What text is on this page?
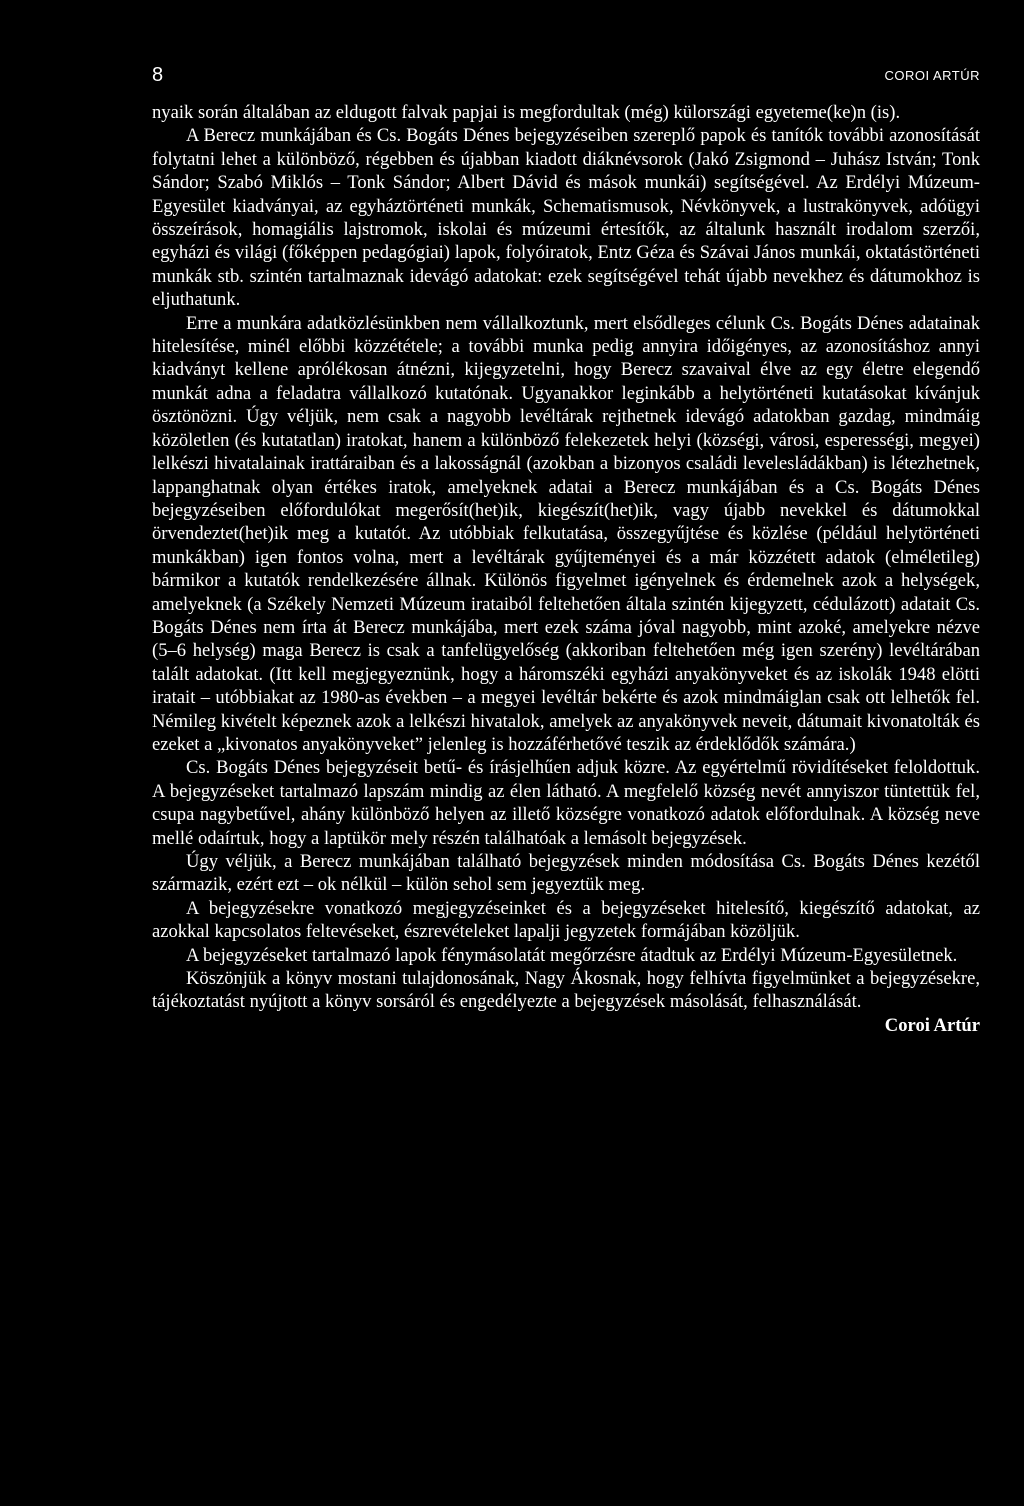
8	COROI ARTÚR

nyaik során általában az eldugott falvak papjai is megfordultak (még) külországi egyeteme(ke)n (is).

A Berecz munkájában és Cs. Bogáts Dénes bejegyzéseiben szereplő papok és tanítók további azonosítását folytatni lehet a különböző, régebben és újabban kiadott diáknévsorok (Jakó Zsigmond – Juhász István; Tonk Sándor; Szabó Miklós – Tonk Sándor; Albert Dávid és mások munkái) segítségével. Az Erdélyi Múzeum-Egyesület kiadványai, az egyháztörténeti munkák, Schematismusok, Névkönyvek, a lustrakönyvek, adóügyi összeírások, homagiális lajstromok, iskolai és múzeumi értesítők, az általunk használt irodalom szerzői, egyházi és világi (főképpen pedagógiai) lapok, folyóiratok, Entz Géza és Szávai János munkái, oktatástörténeti munkák stb. szintén tartalmaznak idevágó adatokat: ezek segítségével tehát újabb nevekhez és dátumokhoz is eljuthatunk.

Erre a munkára adatközlésünkben nem vállalkoztunk, mert elsődleges célunk Cs. Bogáts Dénes adatainak hitelesítése, minél előbbi közzététele; a további munka pedig annyira időigényes, az azonosításhoz annyi kiadványt kellene aprólékosan átnézni, kijegyzetelni, hogy Berecz szavaival élve az egy életre elegendő munkát adna a feladatra vállalkozó kutatónak. Ugyanakkor leginkább a helytörténeti kutatásokat kívánjuk ösztönözni. Úgy véljük, nem csak a nagyobb levéltárak rejthetnek idevágó adatokban gazdag, mindmáig közöletlen (és kutatatlan) iratokat, hanem a különböző felekezetek helyi (községi, városi, esperességi, megyei) lelkészi hivatalainak irattáraiban és a lakosságnál (azokban a bizonyos családi levelesládákban) is létezhetnek, lappanghatnak olyan értékes iratok, amelyeknek adatai a Berecz munkájában és a Cs. Bogáts Dénes bejegyzéseiben előfordulókat megerősít(het)ik, kiegészít(het)ik, vagy újabb nevekkel és dátumokkal örvendeztet(het)ik meg a kutatót. Az utóbbiak felkutatása, összegyűjtése és közlése (például helytörténeti munkákban) igen fontos volna, mert a levéltárak gyűjteményei és a már közzétett adatok (elméletileg) bármikor a kutatók rendelkezésére állnak. Különös figyelmet igényelnek és érdemelnek azok a helységek, amelyeknek (a Székely Nemzeti Múzeum irataiból feltehetően általa szintén kijegyzett, cédulázott) adatait Cs. Bogáts Dénes nem írta át Berecz munkájába, mert ezek száma jóval nagyobb, mint azoké, amelyekre nézve (5–6 helység) maga Berecz is csak a tanfelügyelőség (akkoriban feltehetően még igen szerény) levéltárában talált adatokat. (Itt kell megjegyeznünk, hogy a háromszéki egyházi anyakönyveket és az iskolák 1948 elötti iratait – utóbbiakat az 1980-as években – a megyei levéltár bekérte és azok mindmáiglan csak ott lelhetők fel. Némileg kivételt képeznek azok a lelkészi hivatalok, amelyek az anyakönyvek neveit, dátumait kivonatolták és ezeket a „kivonatos anyakönyveket” jelenleg is hozzáférhetővé teszik az érdeklődők számára.)

Cs. Bogáts Dénes bejegyzéseit betű- és írásjelhűen adjuk közre. Az egyértelmű rövidítéseket feloldottuk. A bejegyzéseket tartalmazó lapszám mindig az élen látható. A megfelelő község nevét annyiszor tüntettük fel, csupa nagybetűvel, ahány különböző helyen az illető községre vonatkozó adatok előfordulnak. A község neve mellé odaírtuk, hogy a laptükör mely részén találhatóak a lemásolt bejegyzések.

Úgy véljük, a Berecz munkájában található bejegyzések minden módosítása Cs. Bogáts Dénes kezétől származik, ezért ezt – ok nélkül – külön sehol sem jegyeztük meg.

A bejegyzésekre vonatkozó megjegyzéseinket és a bejegyzéseket hitelesítő, kiegészítő adatokat, az azokkal kapcsolatos feltevéseket, észrevételeket lapalji jegyzetek formájában közöljük.

A bejegyzéseket tartalmazó lapok fénymásolatát megőrzésre átadtuk az Erdélyi Múzeum-Egyesületnek.

Köszönjük a könyv mostani tulajdonosának, Nagy Ákosnak, hogy felhívta figyelmünket a bejegyzésekre, tájékoztatást nyújtott a könyv sorsáról és engedélyezte a bejegyzések másolását, felhasználását.

Coroi Artúr
